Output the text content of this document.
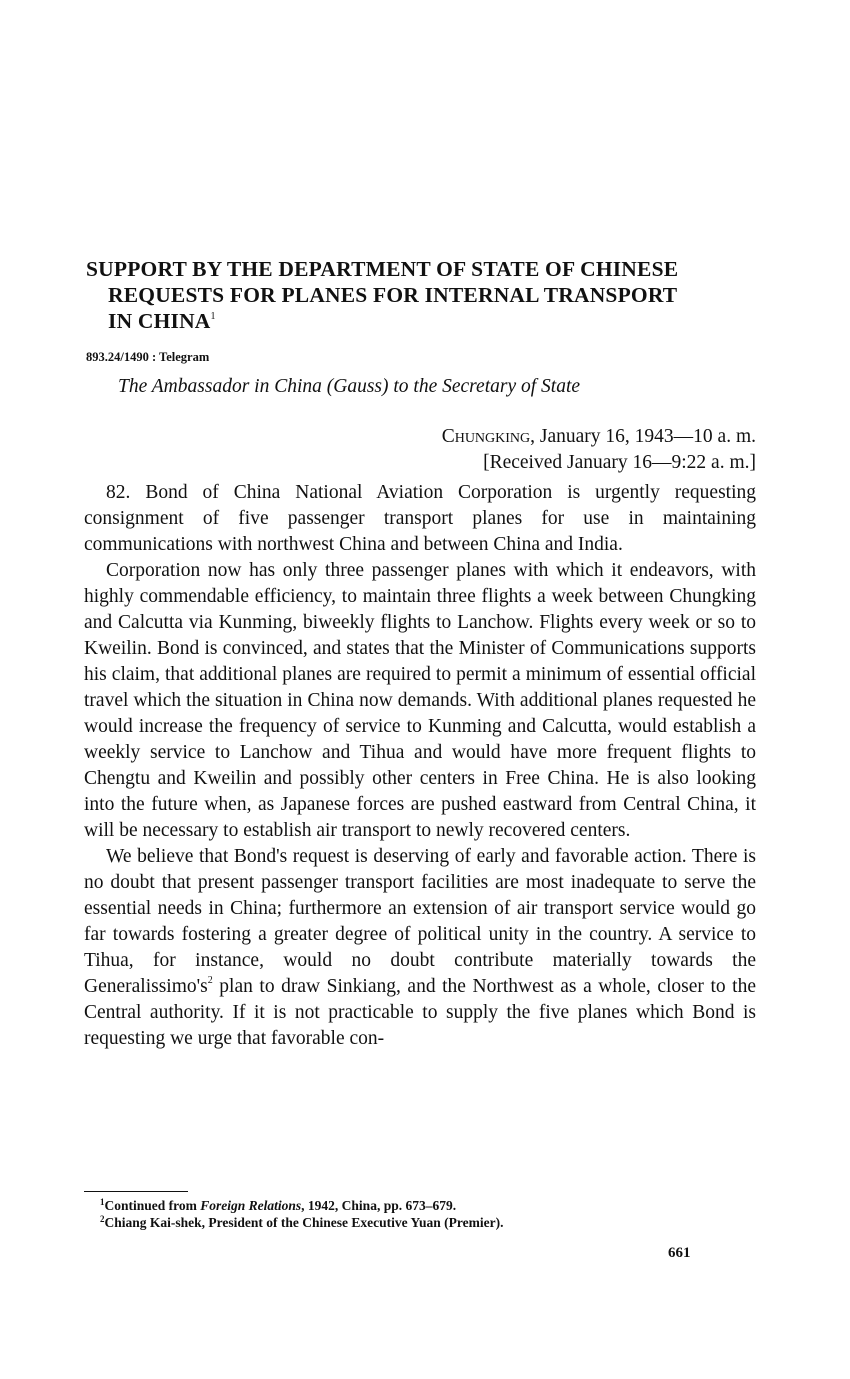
SUPPORT BY THE DEPARTMENT OF STATE OF CHINESE
REQUESTS FOR PLANES FOR INTERNAL TRANSPORT
IN CHINA$^1$
893.24/1490 : Telegram
The Ambassador in China (Gauss) to the Secretary of State
Chungking, January 16, 1943—10 a. m.
[Received January 16—9:22 a. m.]

82. Bond of China National Aviation Corporation is urgently requesting consignment of five passenger transport planes for use in maintaining communications with northwest China and between China and India.

Corporation now has only three passenger planes with which it endeavors, with highly commendable efficiency, to maintain three flights a week between Chungking and Calcutta via Kunming, biweekly flights to Lanchow. Flights every week or so to Kweilin. Bond is convinced, and states that the Minister of Communications supports his claim, that additional planes are required to permit a minimum of essential official travel which the situation in China now demands. With additional planes requested he would increase the frequency of service to Kunming and Calcutta, would establish a weekly service to Lanchow and Tihua and would have more frequent flights to Chengtu and Kweilin and possibly other centers in Free China. He is also looking into the future when, as Japanese forces are pushed eastward from Central China, it will be necessary to establish air transport to newly recovered centers.

We believe that Bond's request is deserving of early and favorable action. There is no doubt that present passenger transport facilities are most inadequate to serve the essential needs in China; furthermore an extension of air transport service would go far towards fostering a greater degree of political unity in the country. A service to Tihua, for instance, would no doubt contribute materially towards the Generalissimo's$^2$ plan to draw Sinkiang, and the Northwest as a whole, closer to the Central authority. If it is not practicable to supply the five planes which Bond is requesting we urge that favorable con-

$^1$Continued from Foreign Relations, 1942, China, pp. 673–679.
$^2$Chiang Kai-shek, President of the Chinese Executive Yuan (Premier).
661
